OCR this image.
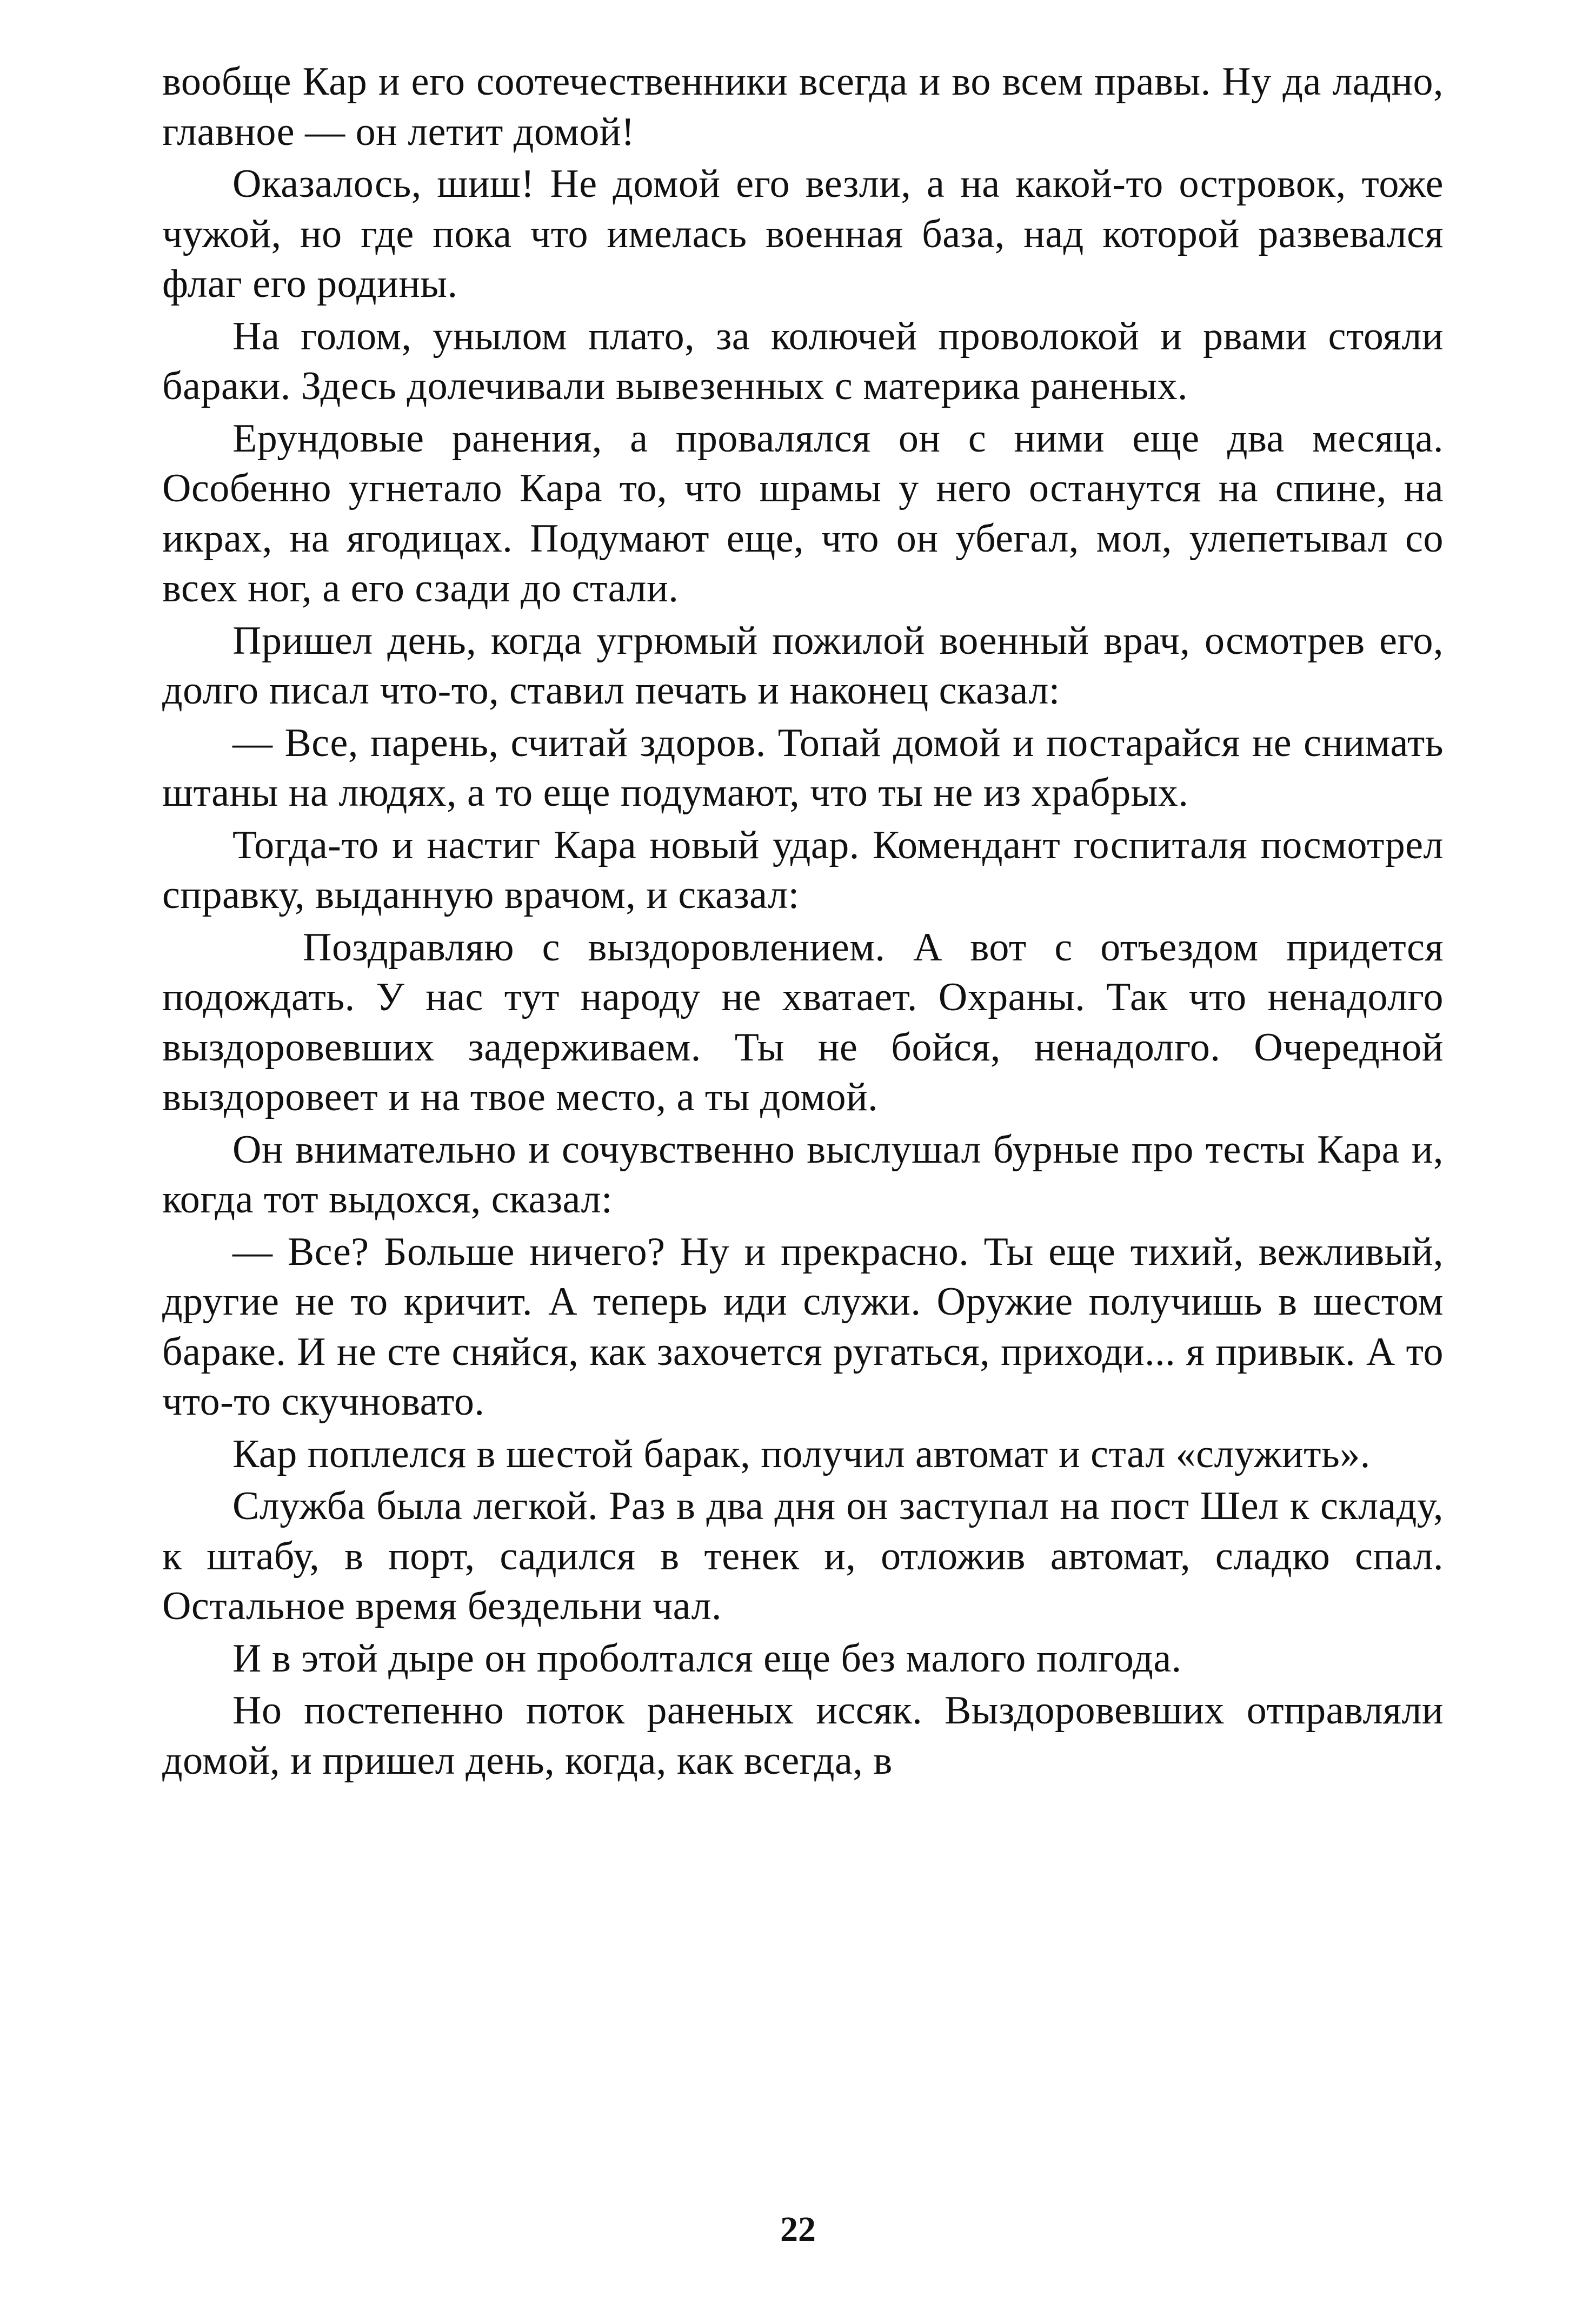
вообще Кар и его соотечественники всегда и во всем правы. Ну да ладно, главное — он летит домой!

Оказалось, шиш! Не домой его везли, а на какой-то островок, тоже чужой, но где пока что имелась военная база, над которой развевался флаг его родины.

На голом, унылом плато, за колючей проволокой и рвами стояли бараки. Здесь долечивали вывезенных с материка раненых.

Ерундовые ранения, а провалялся он с ними еще два месяца. Особенно угнетало Кара то, что шрамы у него останутся на спине, на икрах, на ягодицах. Подумают еще, что он убегал, мол, улепетывал со всех ног, а его сзади до стали.

Пришел день, когда угрюмый пожилой военный врач, осмотрев его, долго писал что-то, ставил печать и наконец сказал:

— Все, парень, считай здоров. Топай домой и постарайся не снимать штаны на людях, а то еще подумают, что ты не из храбрых.

Тогда-то и настиг Кара новый удар. Комендант госпиталя посмотрел справку, выданную врачом, и сказал:

Поздравляю с выздоровлением. А вот с отъездом придется подождать. У нас тут народу не хватает. Охраны. Так что ненадолго выздоровевших задерживаем. Ты не бойся, ненадолго. Очередной выздоровеет и на твое место, а ты домой.

Он внимательно и сочувственно выслушал бурные про тесты Кара и, когда тот выдохся, сказал:

— Все? Больше ничего? Ну и прекрасно. Ты еще тихий, вежливый, другие не то кричит. А теперь иди служи. Оружие получишь в шестом бараке. И не сте сняйся, как захочется ругаться, приходи... я привык. А то что-то скучновато.

Кар поплелся в шестой барак, получил автомат и стал «служить».

Служба была легкой. Раз в два дня он заступал на пост Шел к складу, к штабу, в порт, садился в тенек и, отложив автомат, сладко спал. Остальное время бездельни чал.

И в этой дыре он проболтался еще без малого полгода.

Но постепенно поток раненых иссяк. Выздоровевших отправляли домой, и пришел день, когда, как всегда, в

22
